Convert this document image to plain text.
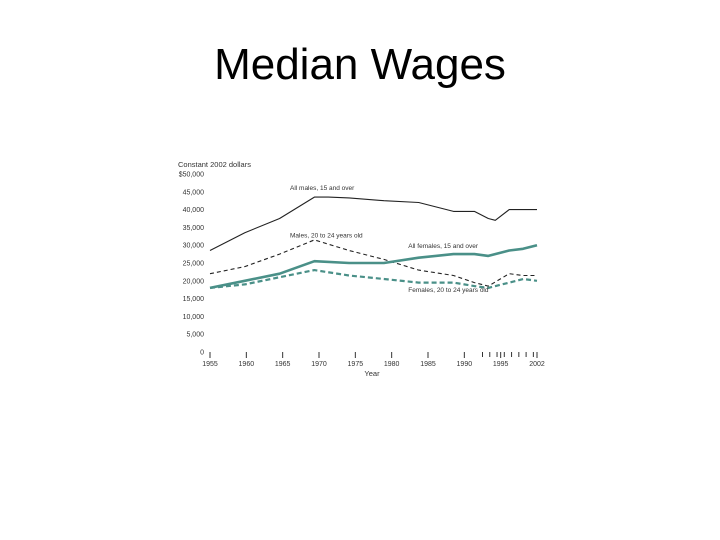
Median Wages
Constant 2002 dollars
$50,000
45,000
40,000
35,000
30,000
25,000
20,000
15,000
10,000
5,000
0
1955	1960	1965	1970	1975	1980	1985	1990	1995	2002
All males, 15 and over
Males, 20 to 24 years old
All females, 15 and over
Females, 20 to 24 years old
Year
